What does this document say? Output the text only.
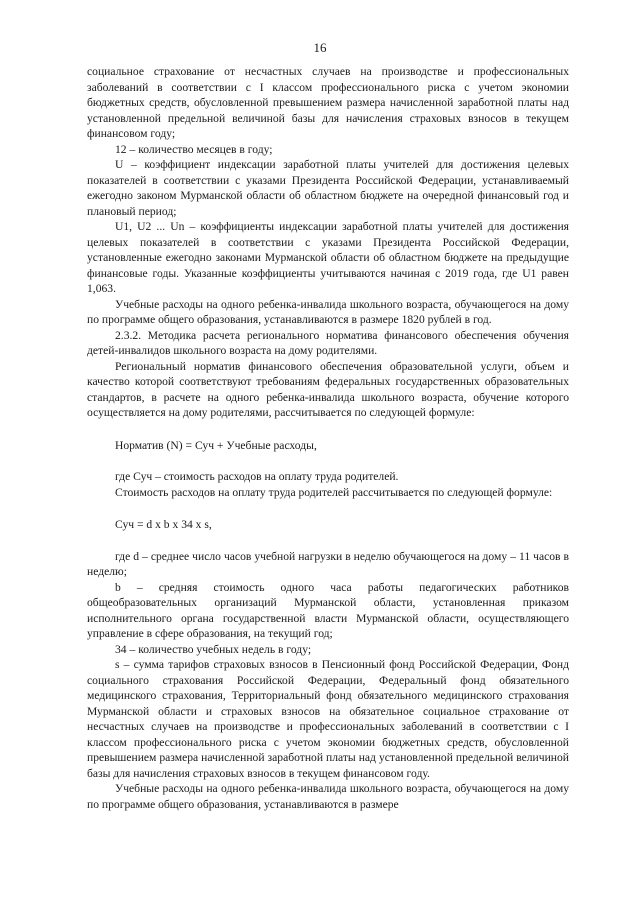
16

социальное страхование от несчастных случаев на производстве и профессиональных заболеваний в соответствии с I классом профессионального риска с учетом экономии бюджетных средств, обусловленной превышением размера начисленной заработной платы над установленной предельной величиной базы для начисления страховых взносов в текущем финансовом году;

12 – количество месяцев в году;

U – коэффициент индексации заработной платы учителей для достижения целевых показателей в соответствии с указами Президента Российской Федерации, устанавливаемый ежегодно законом Мурманской области об областном бюджете на очередной финансовый год и плановый период;

U1, U2 ... Un – коэффициенты индексации заработной платы учителей для достижения целевых показателей в соответствии с указами Президента Российской Федерации, установленные ежегодно законами Мурманской области об областном бюджете на предыдущие финансовые годы. Указанные коэффициенты учитываются начиная с 2019 года, где U1 равен 1,063.

Учебные расходы на одного ребенка-инвалида школьного возраста, обучающегося на дому по программе общего образования, устанавливаются в размере 1820 рублей в год.

2.3.2. Методика расчета регионального норматива финансового обеспечения обучения детей-инвалидов школьного возраста на дому родителями.

Региональный норматив финансового обеспечения образовательной услуги, объем и качество которой соответствуют требованиям федеральных государственных образовательных стандартов, в расчете на одного ребенка-инвалида школьного возраста, обучение которого осуществляется на дому родителями, рассчитывается по следующей формуле:

Норматив (N) = Суч + Учебные расходы,

где Суч – стоимость расходов на оплату труда родителей.

Стоимость расходов на оплату труда родителей рассчитывается по следующей формуле:

Суч = d x b x 34 x s,

где d – среднее число часов учебной нагрузки в неделю обучающегося на дому – 11 часов в неделю;

b – средняя стоимость одного часа работы педагогических работников общеобразовательных организаций Мурманской области, установленная приказом исполнительного органа государственной власти Мурманской области, осуществляющего управление в сфере образования, на текущий год;

34 – количество учебных недель в году;

s – сумма тарифов страховых взносов в Пенсионный фонд Российской Федерации, Фонд социального страхования Российской Федерации, Федеральный фонд обязательного медицинского страхования, Территориальный фонд обязательного медицинского страхования Мурманской области и страховых взносов на обязательное социальное страхование от несчастных случаев на производстве и профессиональных заболеваний в соответствии с I классом профессионального риска с учетом экономии бюджетных средств, обусловленной превышением размера начисленной заработной платы над установленной предельной величиной базы для начисления страховых взносов в текущем финансовом году.

Учебные расходы на одного ребенка-инвалида школьного возраста, обучающегося на дому по программе общего образования, устанавливаются в размере
